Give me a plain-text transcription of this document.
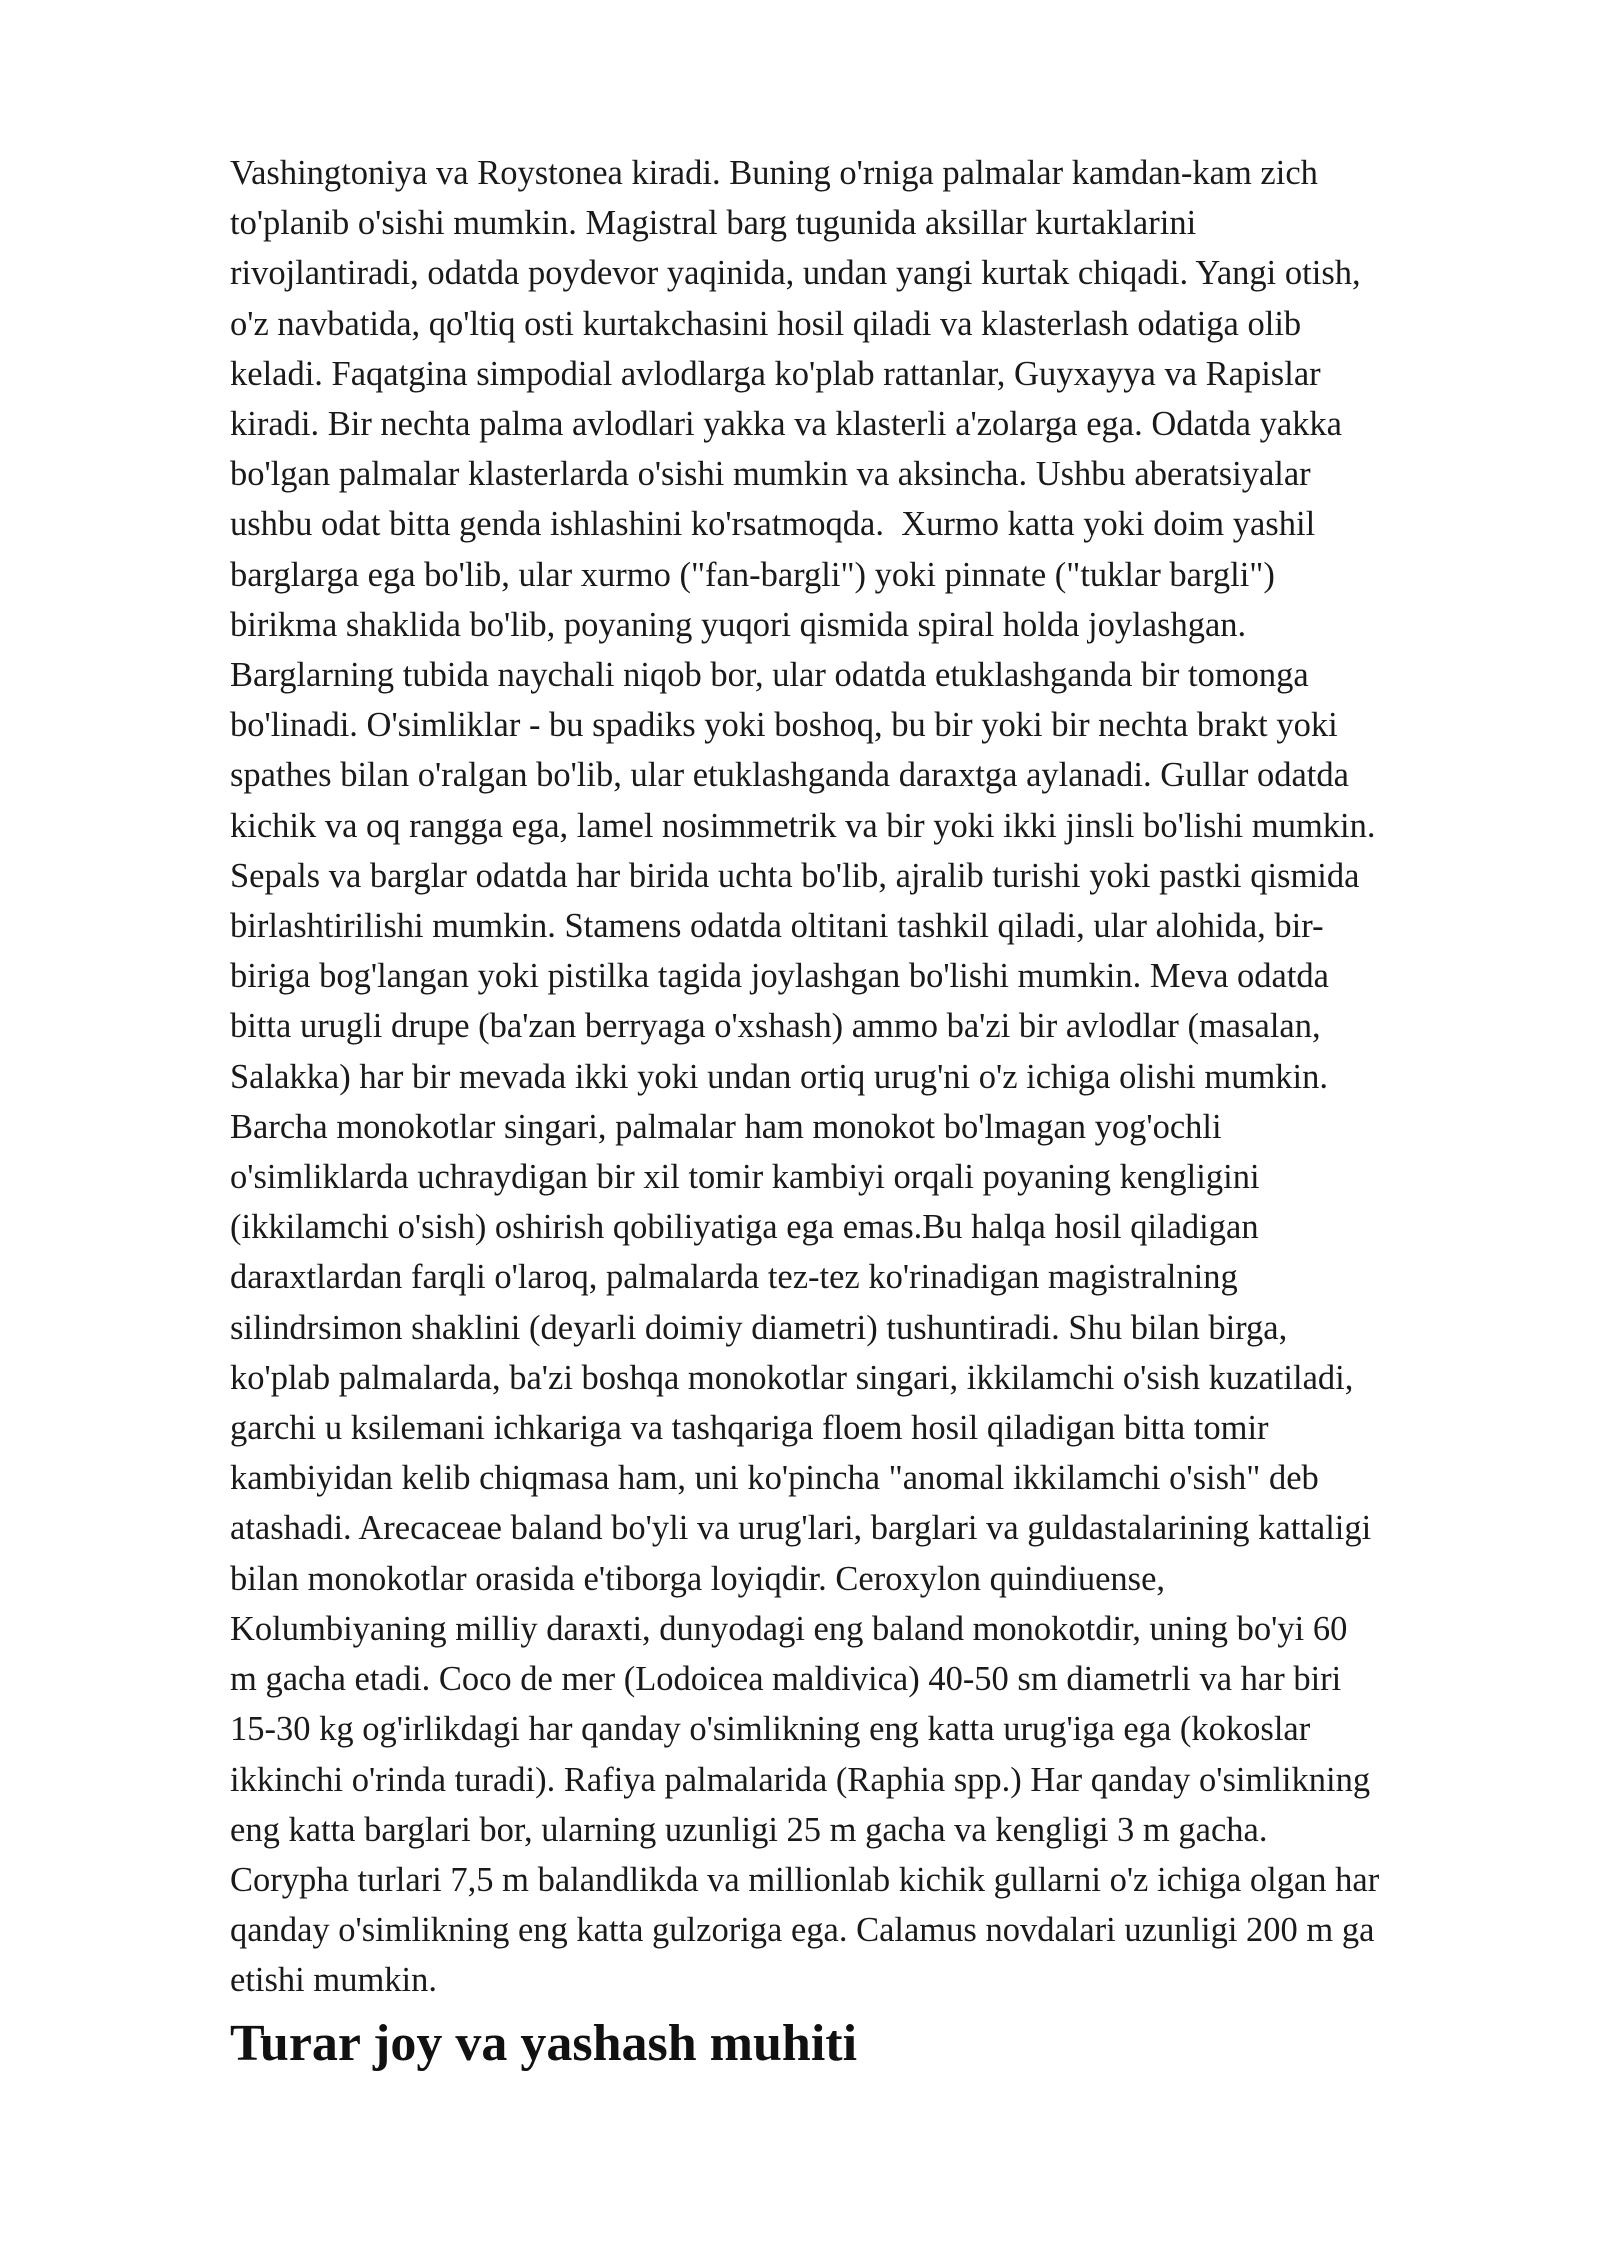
Vashingtoniya va Roystonea kiradi. Buning o'rniga palmalar kamdan-kam zich
to'planib o'sishi mumkin. Magistral barg tugunida aksillar kurtaklarini
rivojlantiradi, odatda poydevor yaqinida, undan yangi kurtak chiqadi. Yangi otish,
o'z navbatida, qo'ltiq osti kurtakchasini hosil qiladi va klasterlash odatiga olib
keladi. Faqatgina simpodial avlodlarga ko'plab rattanlar, Guyxayya va Rapislar
kiradi. Bir nechta palma avlodlari yakka va klasterli a'zolarga ega. Odatda yakka
bo'lgan palmalar klasterlarda o'sishi mumkin va aksincha. Ushbu aberatsiyalar
ushbu odat bitta genda ishlashini ko'rsatmoqda.  Xurmo katta yoki doim yashil
barglarga ega bo'lib, ular xurmo ("fan-bargli") yoki pinnate ("tuklar bargli")
birikma shaklida bo'lib, poyaning yuqori qismida spiral holda joylashgan.
Barglarning tubida naychali niqob bor, ular odatda etuklashganda bir tomonga
bo'linadi. O'simliklar - bu spadiks yoki boshoq, bu bir yoki bir nechta brakt yoki
spathes bilan o'ralgan bo'lib, ular etuklashganda daraxtga aylanadi. Gullar odatda
kichik va oq rangga ega, lamel nosimmetrik va bir yoki ikki jinsli bo'lishi mumkin.
Sepals va barglar odatda har birida uchta bo'lib, ajralib turishi yoki pastki qismida
birlashtirilishi mumkin. Stamens odatda oltitani tashkil qiladi, ular alohida, bir-
biriga bog'langan yoki pistilka tagida joylashgan bo'lishi mumkin. Meva odatda
bitta urugli drupe (ba'zan berryaga o'xshash) ammo ba'zi bir avlodlar (masalan,
Salakka) har bir mevada ikki yoki undan ortiq urug'ni o'z ichiga olishi mumkin.
Barcha monokotlar singari, palmalar ham monokot bo'lmagan yog'ochli
o'simliklarda uchraydigan bir xil tomir kambiyi orqali poyaning kengligini
(ikkilamchi o'sish) oshirish qobiliyatiga ega emas.Bu halqa hosil qiladigan
daraxtlardan farqli o'laroq, palmalarda tez-tez ko'rinadigan magistralning
silindrsimon shaklini (deyarli doimiy diametri) tushuntiradi. Shu bilan birga,
ko'plab palmalarda, ba'zi boshqa monokotlar singari, ikkilamchi o'sish kuzatiladi,
garchi u ksilemani ichkariga va tashqariga floem hosil qiladigan bitta tomir
kambiyidan kelib chiqmasa ham, uni ko'pincha "anomal ikkilamchi o'sish" deb
atashadi. Arecaceae baland bo'yli va urug'lari, barglari va guldastalarining kattaligi
bilan monokotlar orasida e'tiborga loyiqdir. Ceroxylon quindiuense,
Kolumbiyaning milliy daraxti, dunyodagi eng baland monokotdir, uning bo'yi 60
m gacha etadi. Coco de mer (Lodoicea maldivica) 40-50 sm diametrli va har biri
15-30 kg og'irlikdagi har qanday o'simlikning eng katta urug'iga ega (kokoslar
ikkinchi o'rinda turadi). Rafiya palmalarida (Raphia spp.) Har qanday o'simlikning
eng katta barglari bor, ularning uzunligi 25 m gacha va kengligi 3 m gacha.
Corypha turlari 7,5 m balandlikda va millionlab kichik gullarni o'z ichiga olgan har
qanday o'simlikning eng katta gulzoriga ega. Calamus novdalari uzunligi 200 m ga
etishi mumkin.

Turar joy va yashash muhiti
